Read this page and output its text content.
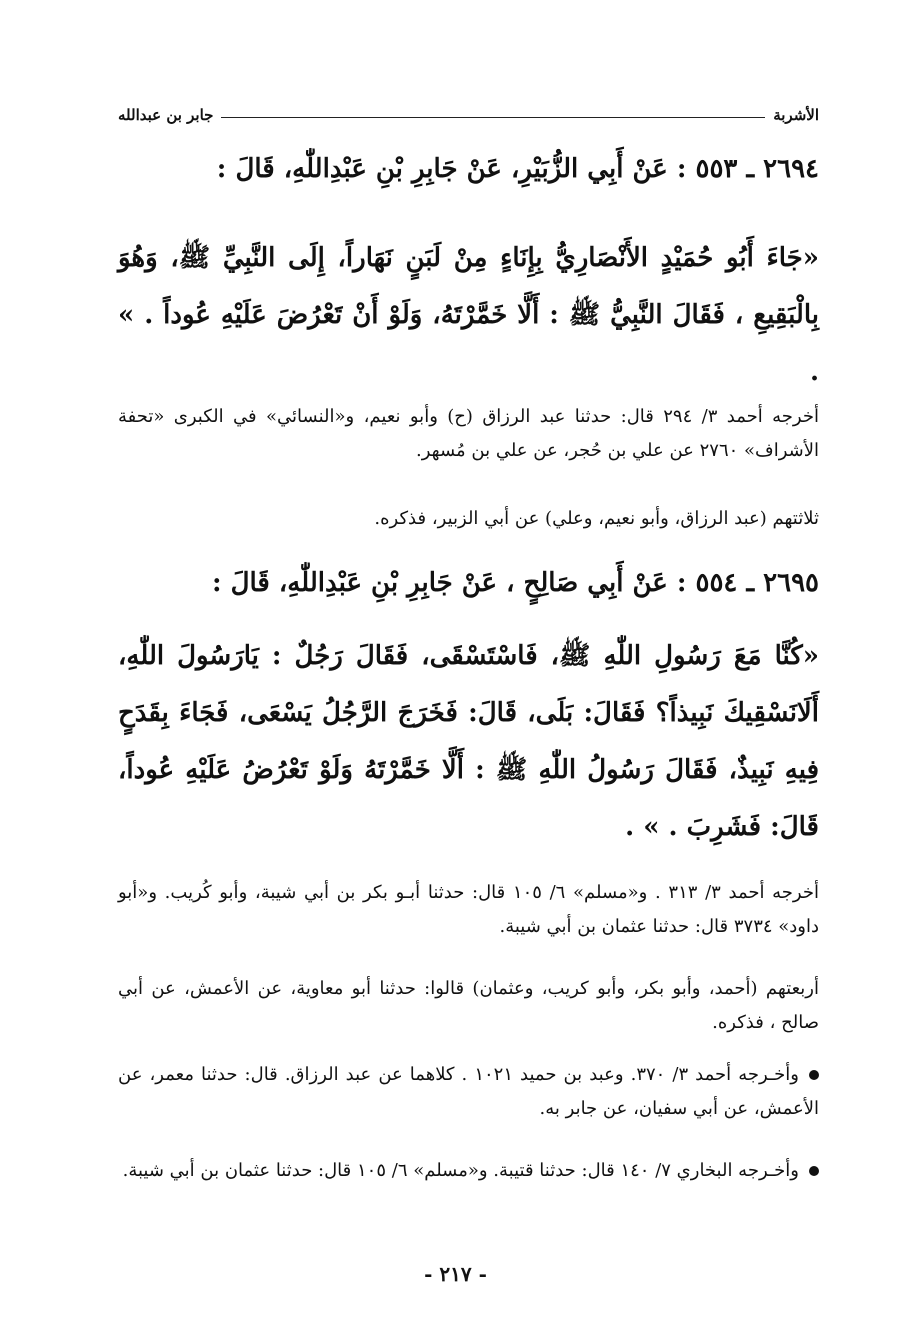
الأشربة
جابر بن عبدالله
٢٦٩٤ ـ ٥٥٣ : عَنْ أَبِي الزُّبَيْرِ، عَنْ جَابِرِ بْنِ عَبْدِاللّٰهِ، قَالَ :
«جَاءَ أَبُو حُمَيْدٍ الأَنْصَارِيُّ بِإِنَاءٍ مِنْ لَبَنٍ نَهَاراً، إِلَى النَّبِيِّ ﷺ، وَهُوَ بِالْبَقِيعِ ، فَقَالَ النَّبِيُّ ﷺ : أَلَّا خَمَّرْتَهُ، وَلَوْ أَنْ تَعْرُضَ عَلَيْهِ عُوداً . » .
أخرجه أحمد ٣/ ٢٩٤ قال: حدثنا عبد الرزاق (ح) وأبو نعيم، و«النسائي» في الكبرى «تحفة الأشراف» ٢٧٦٠ عن علي بن حُجر، عن علي بن مُسهر.
ثلاثتهم (عبد الرزاق، وأبو نعيم، وعلي) عن أبي الزبير، فذكره.
٢٦٩٥ ـ ٥٥٤ : عَنْ أَبِي صَالِحٍ ، عَنْ جَابِرِ بْنِ عَبْدِاللّٰهِ، قَالَ :
«كُنَّا مَعَ رَسُولِ اللّٰهِ ﷺ، فَاسْتَسْقَى، فَقَالَ رَجُلٌ : يَارَسُولَ اللّٰهِ، أَلَانَسْقِيكَ نَبِيذاً؟ فَقَالَ: بَلَى، قَالَ: فَخَرَجَ الرَّجُلُ يَسْعَى، فَجَاءَ بِقَدَحٍ فِيهِ نَبِيذٌ، فَقَالَ رَسُولُ اللّٰهِ ﷺ : أَلَّا خَمَّرْتَهُ وَلَوْ تَعْرُضُ عَلَيْهِ عُوداً، قَالَ: فَشَرِبَ . » .
أخرجه أحمد ٣/ ٣١٣ . و«مسلم» ٦/ ١٠٥ قال: حدثنا أبـو بكر بن أبي شيبة، وأبو كُريب. و«أبو داود» ٣٧٣٤ قال: حدثنا عثمان بن أبي شيبة.
أربعتهم (أحمد، وأبو بكر، وأبو كريب، وعثمان) قالوا: حدثنا أبو معاوية، عن الأعمش، عن أبي صالح ، فذكره.
وأخـرجه أحمد ٣/ ٣٧٠. وعبد بن حميد ١٠٢١ . كلاهما عن عبد الرزاق. قال: حدثنا معمر، عن الأعمش، عن أبي سفيان، عن جابر به.
وأخـرجه البخاري ٧/ ١٤٠ قال: حدثنا قتيبة. و«مسلم» ٦/ ١٠٥ قال: حدثنا عثمان بن أبي شيبة.
- ٢١٧ -
